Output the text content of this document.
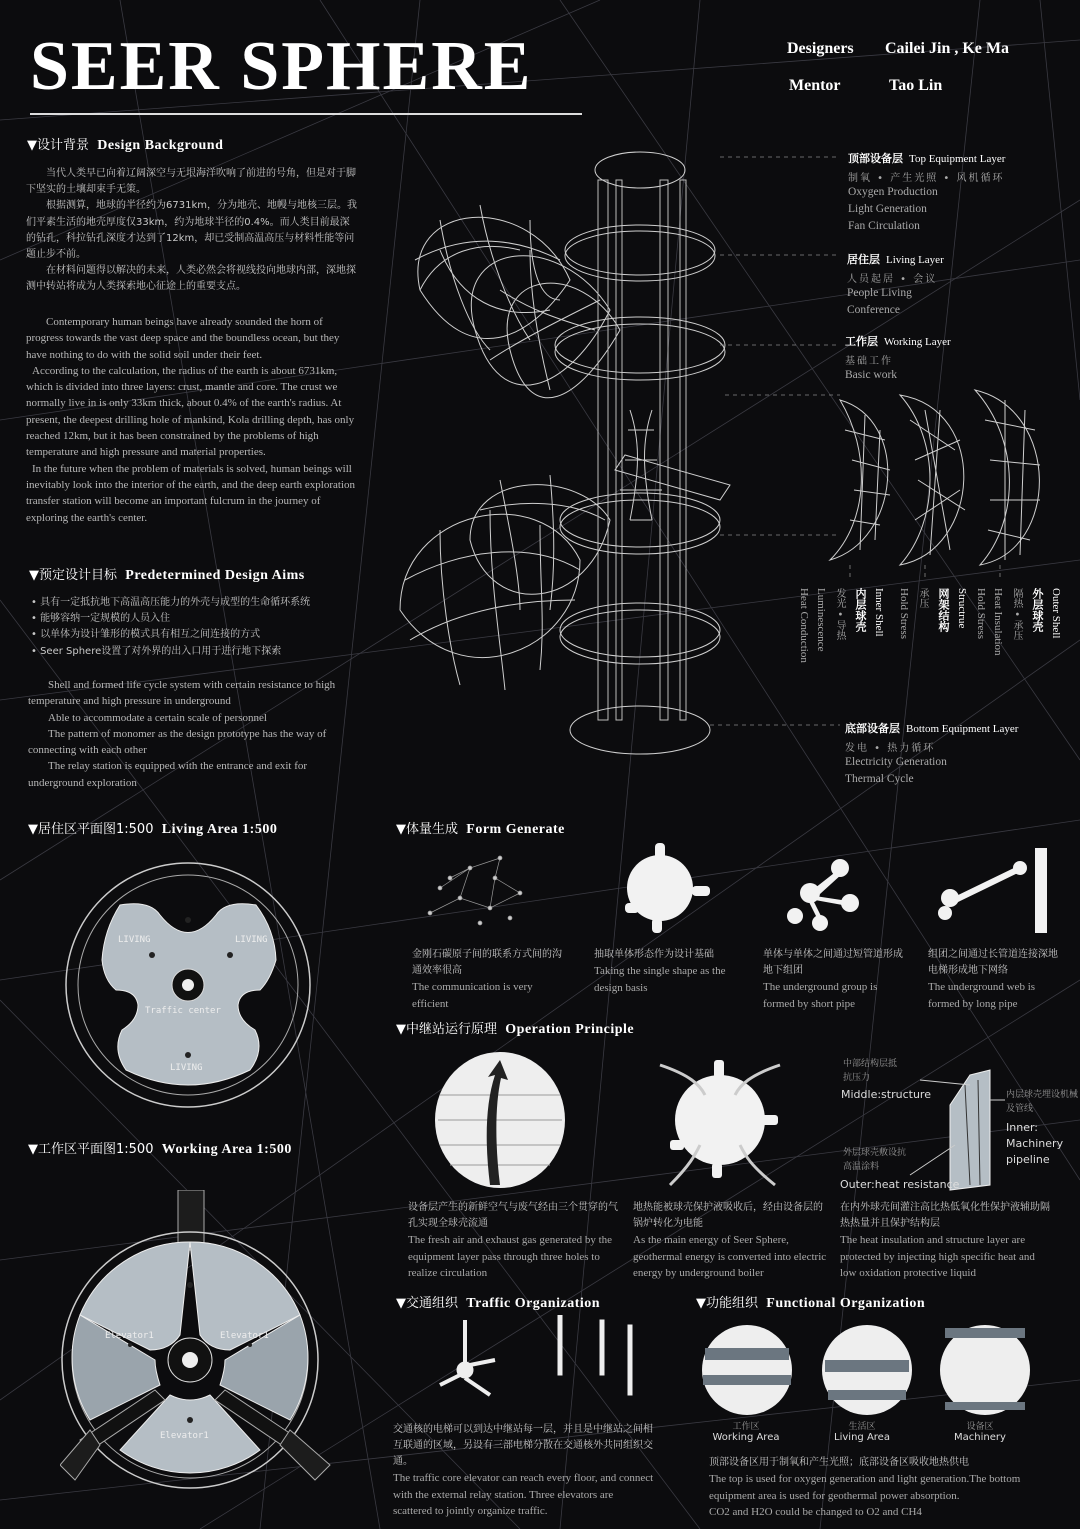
SEER SPHERE	Designers Cailei Jin , Ke Ma
Mentor	Tao Lin
▼设计背景 Design Background

当代人类早已向着辽阔深空与无垠海洋吹响了前进的号角，但是对于脚下坚实的土壤却束手无策。

根据测算，地球的半径约为6731km，分为地壳、地幔与地核三层。我们平素生活的地壳厚度仅33km，约为地球半径的0.4%。而人类目前最深的钻孔，科拉钻孔深度才达到了12km，却已受制高温高压与材料性能等问题止步不前。

在材料问题得以解决的未来，人类必然会将视线投向地球内部，深地探测中转站将成为人类探索地心征途上的重要支点。

Contemporary human beings have already sounded the horn of progress towards the vast deep space and the boundless ocean, but they have nothing to do with the solid soil under their feet.

According to the calculation, the radius of the earth is about 6731km, which is divided into three layers: crust, mantle and core. The crust we normally live in is only 33km thick, about 0.4% of the earth's radius. At present, the deepest drilling hole of mankind, Kola drilling depth, has only reached 12km, but it has been constrained by the problems of high temperature and high pressure and material properties.

In the future when the problem of materials is solved, human beings will inevitably look into the interior of the earth, and the deep earth exploration transfer station will become an important fulcrum in the journey of exploring the earth's center.

▼预定设计目标 Predetermined Design Aims

• 具有一定抵抗地下高温高压能力的外壳与成型的生命循环系统

• 能够容纳一定规模的人员入住

• 以单体为设计雏形的模式具有相互之间连接的方式

• Seer Sphere设置了对外界的出入口用于进行地下探索

Shell and formed life cycle system with certain resistance to high temperature and high pressure in underground

Able to accommodate a certain scale of personnel

The pattern of monomer as the design prototype has the way of connecting with each other

The relay station is equipped with the entrance and exit for underground exploration

顶部设备层 Top Equipment Layer
制氧 • 产生光照 • 风机循环
Oxygen Production
Light Generation
Fan Circulation
居住层 Living Layer
人员起居 • 会议
People Living
Conference
工作层 Working Layer
基础工作
Basic work
底部设备层 Bottom Equipment Layer
发电 • 热力循环
Electricity Generation
Thermal Cycle
Heat Conduction Luminescence 发光 • 导热 内层球壳 Inner Shell Hold Stress 承压 网架结构 Structrue Hold Stress Heat Insulation 隔热 • 承压 外层球壳 Outer Shell
▼居住区平面图1:500 Living Area 1:500
LIVING	LIVING
Traffic center
LIVING
▼工作区平面图1:500 Working Area 1:500
Elevator1	Elevator1
Elevator1
▼体量生成 Form Generate
金刚石碳原子间的联系方式间的沟通效率很高
The communication is very efficient
抽取单体形态作为设计基础
Taking the single shape as the design basis
单体与单体之间通过短管道形成地下组团
The underground group is formed by short pipe
组团之间通过长管道连接深地电梯形成地下网络
The underground web is formed by long pipe
▼中继站运行原理 Operation Principle
中部结构层抵抗压力
Middle:structure	内层球壳埋设机械及管线
Inner: Machinery pipeline
外层球壳敷设抗高温涂料
Outer:heat resistance
设备层产生的新鲜空气与废气经由三个贯穿的气孔实现全球壳流通
The fresh air and exhaust gas generated by the equipment layer pass through three holes to realize circulation
地热能被球壳保护液吸收后，经由设备层的锅炉转化为电能
As the main energy of Seer Sphere, geothermal energy is converted into electric energy by underground boiler
在内外球壳间灌注高比热低氧化性保护液辅助隔热热量并且保护结构层
The heat insulation and structure layer are protected by injecting high specific heat and low oxidation protective liquid
▼交通组织 Traffic Organization
交通核的电梯可以到达中继站每一层，并且是中继站之间相互联通的区域，另设有三部电梯分散在交通核外共同组织交通。
The traffic core elevator can reach every floor, and connect with the external relay station. Three elevators are scattered to jointly organize traffic.
▼功能组织 Functional Organization
工作区
Working Area
生活区
Living Area
设备区
Machinery
顶部设备区用于制氧和产生光照；底部设备区吸收地热供电
The top is used for oxygen generation and light generation.The bottom equipment area is used for geothermal power absorption.
CO2 and H2O could be changed to O2 and CH4
